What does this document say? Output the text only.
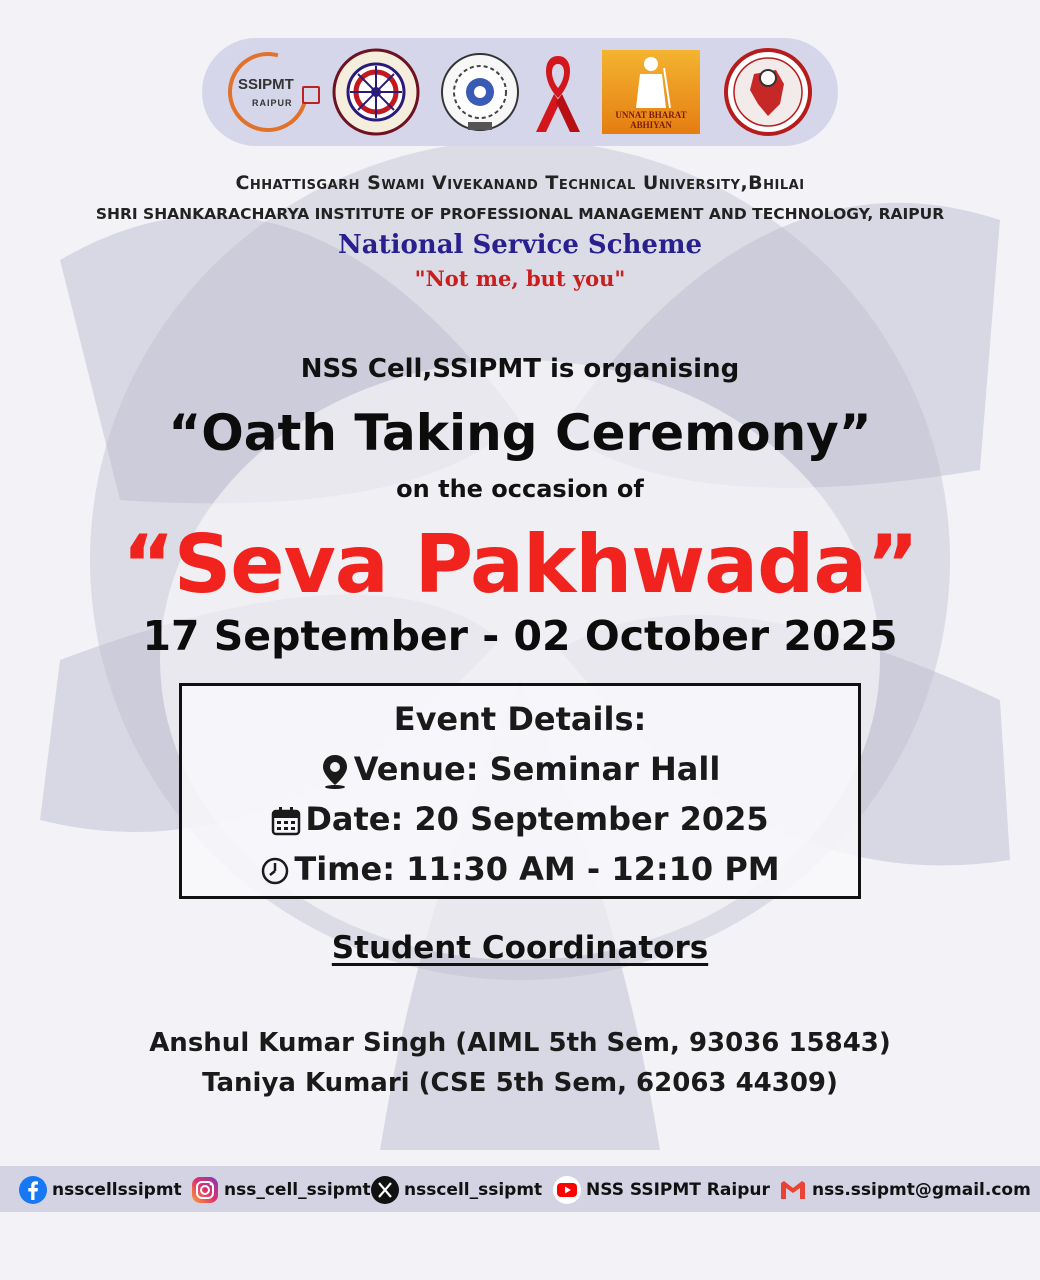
SSIPMT
RAIPUR
UNNAT BHARAT ABHIYAN
Chhattisgarh Swami Vivekanand Technical University,Bhilai
SHRI SHANKARACHARYA INSTITUTE OF PROFESSIONAL MANAGEMENT AND TECHNOLOGY, RAIPUR
National Service Scheme
"Not me, but you"
NSS Cell,SSIPMT is organising
“Oath Taking Ceremony”
on the occasion of
“Seva Pakhwada”
17 September - 02 October 2025
Event Details:
Venue: Seminar Hall
Date: 20 September 2025
Time: 11:30 AM - 12:10 PM
Student Coordinators
Anshul Kumar Singh (AIML 5th Sem, 93036 15843)
Taniya Kumari (CSE 5th Sem, 62063 44309)
nsscellssipmt nss_cell_ssipmt nsscell_ssipmt	NSS SSIPMT Raipur nss.ssipmt@gmail.com
